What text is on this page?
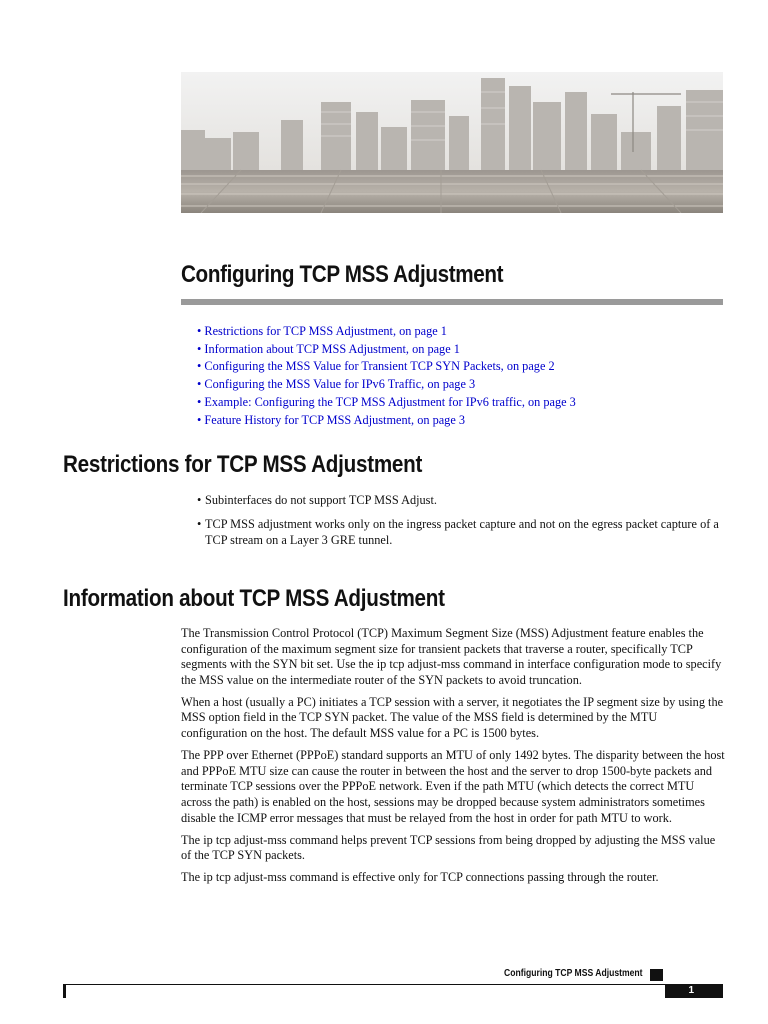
Configuring TCP MSS Adjustment
• Restrictions for TCP MSS Adjustment, on page 1
• Information about TCP MSS Adjustment, on page 1
• Configuring the MSS Value for Transient TCP SYN Packets, on page 2
• Configuring the MSS Value for IPv6 Traffic, on page 3
• Example: Configuring the TCP MSS Adjustment for IPv6 traffic, on page 3
• Feature History for TCP MSS Adjustment, on page 3
Restrictions for TCP MSS Adjustment
• Subinterfaces do not support TCP MSS Adjust.
• TCP MSS adjustment works only on the ingress packet capture and not on the egress packet capture of a TCP stream on a Layer 3 GRE tunnel.
Information about TCP MSS Adjustment

The Transmission Control Protocol (TCP) Maximum Segment Size (MSS) Adjustment feature enables the configuration of the maximum segment size for transient packets that traverse a router, specifically TCP segments with the SYN bit set. Use the ip tcp adjust-mss command in interface configuration mode to specify the MSS value on the intermediate router of the SYN packets to avoid truncation.

When a host (usually a PC) initiates a TCP session with a server, it negotiates the IP segment size by using the MSS option field in the TCP SYN packet. The value of the MSS field is determined by the MTU configuration on the host. The default MSS value for a PC is 1500 bytes.

The PPP over Ethernet (PPPoE) standard supports an MTU of only 1492 bytes. The disparity between the host and PPPoE MTU size can cause the router in between the host and the server to drop 1500-byte packets and terminate TCP sessions over the PPPoE network. Even if the path MTU (which detects the correct MTU across the path) is enabled on the host, sessions may be dropped because system administrators sometimes disable the ICMP error messages that must be relayed from the host in order for path MTU to work.

The ip tcp adjust-mss command helps prevent TCP sessions from being dropped by adjusting the MSS value of the TCP SYN packets.

The ip tcp adjust-mss command is effective only for TCP connections passing through the router.

Configuring TCP MSS Adjustment
1
